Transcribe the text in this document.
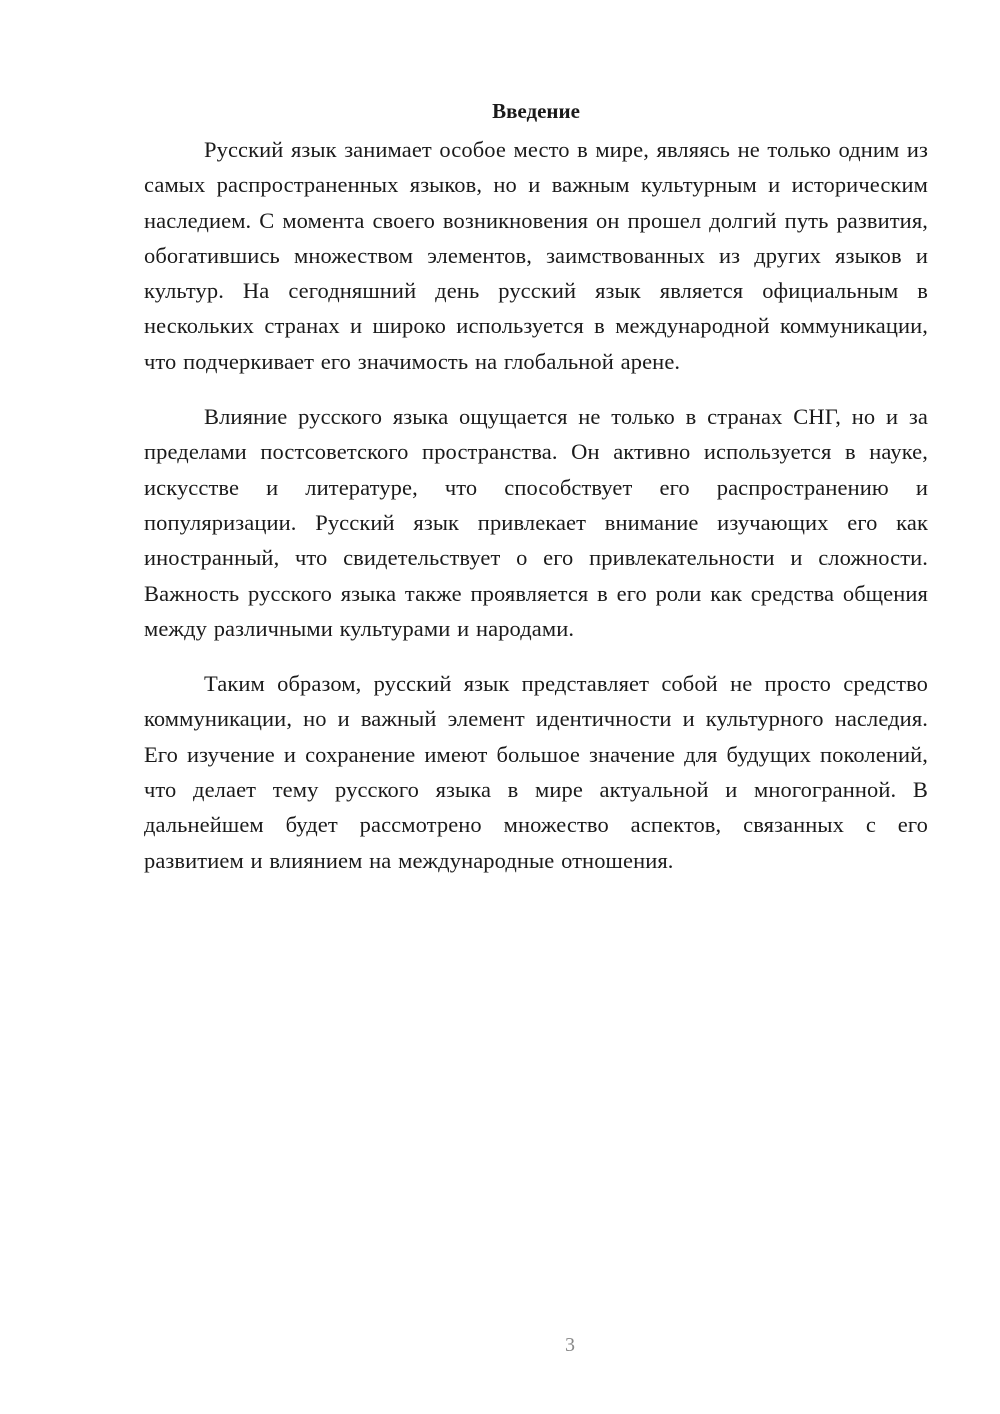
Введение

Русский язык занимает особое место в мире, являясь не только одним из самых распространенных языков, но и важным культурным и историческим наследием. С момента своего возникновения он прошел долгий путь развития, обогатившись множеством элементов, заимствованных из других языков и культур. На сегодняшний день русский язык является официальным в нескольких странах и широко используется в международной коммуникации, что подчеркивает его значимость на глобальной арене.

Влияние русского языка ощущается не только в странах СНГ, но и за пределами постсоветского пространства. Он активно используется в науке, искусстве и литературе, что способствует его распространению и популяризации. Русский язык привлекает внимание изучающих его как иностранный, что свидетельствует о его привлекательности и сложности. Важность русского языка также проявляется в его роли как средства общения между различными культурами и народами.

Таким образом, русский язык представляет собой не просто средство коммуникации, но и важный элемент идентичности и культурного наследия. Его изучение и сохранение имеют большое значение для будущих поколений, что делает тему русского языка в мире актуальной и многогранной. В дальнейшем будет рассмотрено множество аспектов, связанных с его развитием и влиянием на международные отношения.

3
